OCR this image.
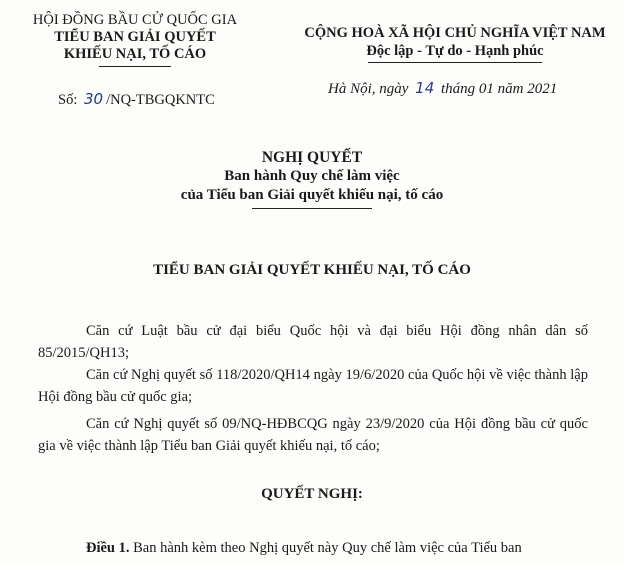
HỘI ĐỒNG BẦU CỬ QUỐC GIA
TIỂU BAN GIẢI QUYẾT
KHIẾU NẠI, TỐ CÁO
Số: 30 /NQ-TBGQKNTC
CỘNG HOÀ XÃ HỘI CHỦ NGHĨA VIỆT NAM
Độc lập - Tự do - Hạnh phúc
Hà Nội, ngày 14 tháng 01 năm 2021
NGHỊ QUYẾT
Ban hành Quy chế làm việc
của Tiểu ban Giải quyết khiếu nại, tố cáo
TIỂU BAN GIẢI QUYẾT KHIẾU NẠI, TỐ CÁO
Căn cứ Luật bầu cử đại biểu Quốc hội và đại biểu Hội đồng nhân dân số 85/2015/QH13;
Căn cứ Nghị quyết số 118/2020/QH14 ngày 19/6/2020 của Quốc hội về việc thành lập Hội đồng bầu cử quốc gia;
Căn cứ Nghị quyết số 09/NQ-HĐBCQG ngày 23/9/2020 của Hội đồng bầu cử quốc gia về việc thành lập Tiểu ban Giải quyết khiếu nại, tố cáo;
QUYẾT NGHỊ:
Điều 1. Ban hành kèm theo Nghị quyết này Quy chế làm việc của Tiểu ban
